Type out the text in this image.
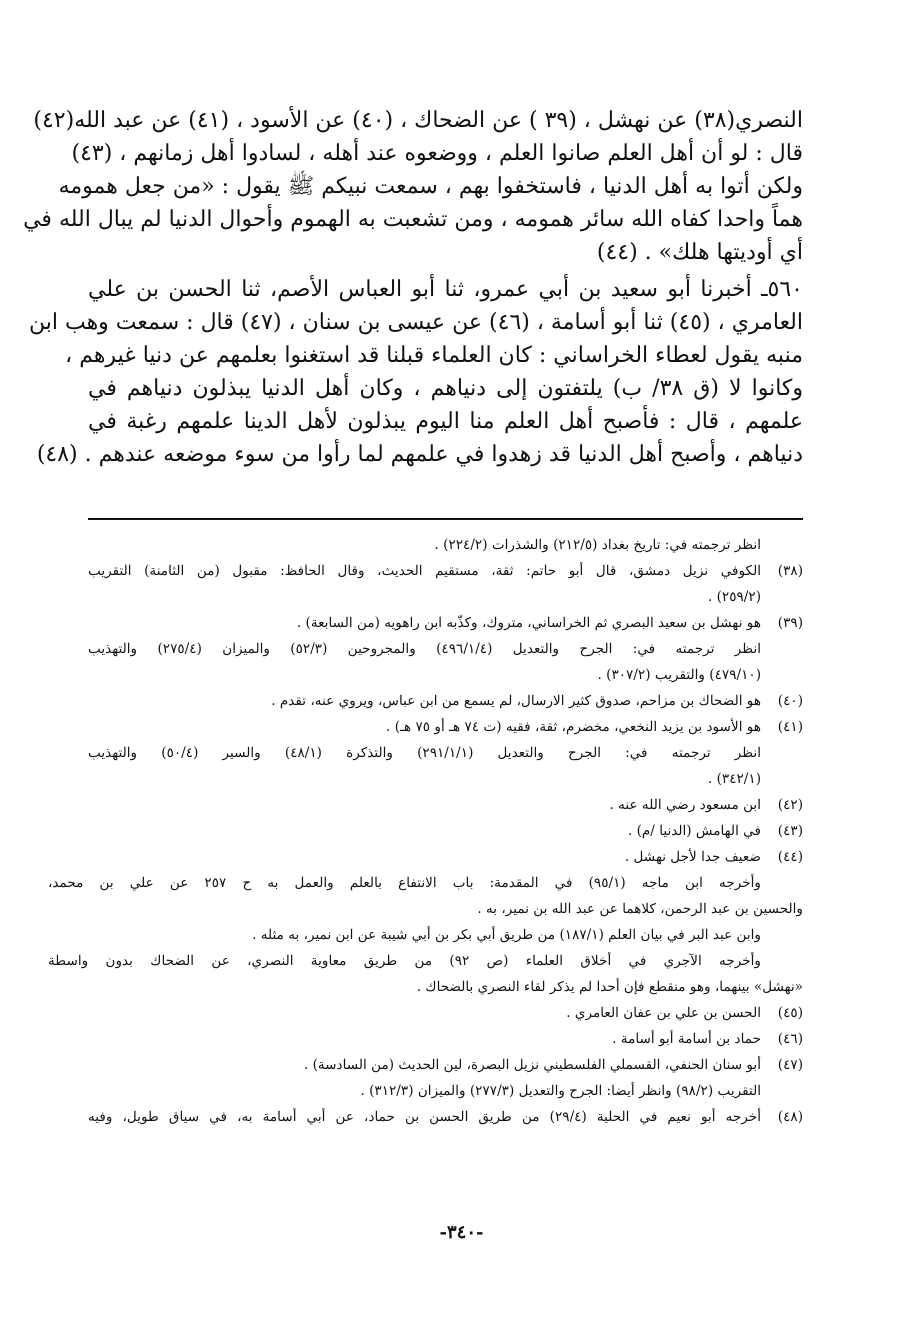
النصري(٣٨) عن نهشل ، (٣٩ ) عن الضحاك ، (٤٠) عن الأسود ، (٤١) عن عبد الله(٤٢)
قال : لو أن أهل العلم صانوا العلم ، ووضعوه عند أهله ، لسادوا أهل زمانهم ، (٤٣)
ولكن أتوا به أهل الدنيا ، فاستخفوا بهم ، سمعت نبيكم ﷺ يقول : «من جعل همومه
هماً واحدا كفاه الله سائر همومه ، ومن تشعبت به الهموم وأحوال الدنيا لم يبال الله في
أي أوديتها هلك» . (٤٤)
٥٦٠ـ أخبرنا أبو سعيد بن أبي عمرو، ثنا أبو العباس الأصم، ثنا الحسن بن علي
العامري ، (٤٥) ثنا أبو أسامة ، (٤٦) عن عيسى بن سنان ، (٤٧) قال : سمعت وهب ابن
منبه يقول لعطاء الخراساني : كان العلماء قبلنا قد استغنوا بعلمهم عن دنيا غيرهم ،
وكانوا لا (ق ٣٨/ ب) يلتفتون إلى دنياهم ، وكان أهل الدنيا يبذلون دنياهم في
علمهم ، قال : فأصبح أهل العلم منا اليوم يبذلون لأهل الدينا علمهم رغبة في
دنياهم ، وأصبح أهل الدنيا قد زهدوا في علمهم لما رأوا من سوء موضعه عندهم . (٤٨)
انظر ترجمته في: تاريخ بغداد (٢١٢/٥) والشذرات (٢٢٤/٢) .
(٣٨)
الكوفي نزيل دمشق، قال أبو حاتم: ثقة، مستقيم الحديث، وقال الحافظ: مقبول (من الثامنة) التقريب
(٢٥٩/٢) .
(٣٩)
هو نهشل بن سعيد البصري ثم الخراساني، متروك، وكذّبه ابن راهويه (من السابعة) .
انظر ترجمته في: الجرح والتعديل (٤٩٦/١/٤) والمجروحين (٥٢/٣) والميزان (٢٧٥/٤) والتهذيب
(٤٧٩/١٠) والتقريب (٣٠٧/٢) .
(٤٠)
هو الضحاك بن مزاحم، صدوق كثير الارسال، لم يسمع من ابن عباس، ويروي عنه، تقدم .
(٤١)
هو الأسود بن يزيد النخعي، مخضرم، ثقة، فقيه (ت ٧٤ هـ أو ٧٥ هـ) .
انظر ترجمته في: الجرح والتعديل (٢٩١/١/١) والتذكرة (٤٨/١) والسير (٥٠/٤) والتهذيب
(٣٤٢/١) .
(٤٢)
ابن مسعود رضي الله عنه .
(٤٣)
في الهامش (الدنيا /م) .
(٤٤)
ضعيف جدا لأجل نهشل .
وأخرجه ابن ماجه (٩٥/١) في المقدمة: باب الانتفاع بالعلم والعمل به ح ٢٥٧ عن علي بن محمد،
والحسين بن عبد الرحمن، كلاهما عن عبد الله بن نمير، به .
وابن عبد البر في بيان العلم (١٨٧/١) من طريق أبي بكر بن أبي شيبة عن ابن نمير، به مثله .
وأخرجه الآجري في أخلاق العلماء (ص ٩٢) من طريق معاوية النصري، عن الضحاك بدون واسطة
«نهشل» بينهما، وهو منقطع فإن أحدا لم يذكر لقاء النصري بالضحاك .
(٤٥)
الحسن بن علي بن عفان العامري .
(٤٦)
حماد بن أسامة أبو أسامة .
(٤٧)
أبو سنان الحنفي، القسملي الفلسطيني نزيل البصرة، لين الحديث (من السادسة) .
التقريب (٩٨/٢) وانظر أيضا: الجرح والتعديل (٢٧٧/٣) والميزان (٣١٢/٣) .
(٤٨)
أخرجه أبو نعيم في الحلية (٢٩/٤) من طريق الحسن بن حماد، عن أبي أسامة به، في سياق طويل، وفيه
-٣٤٠-
